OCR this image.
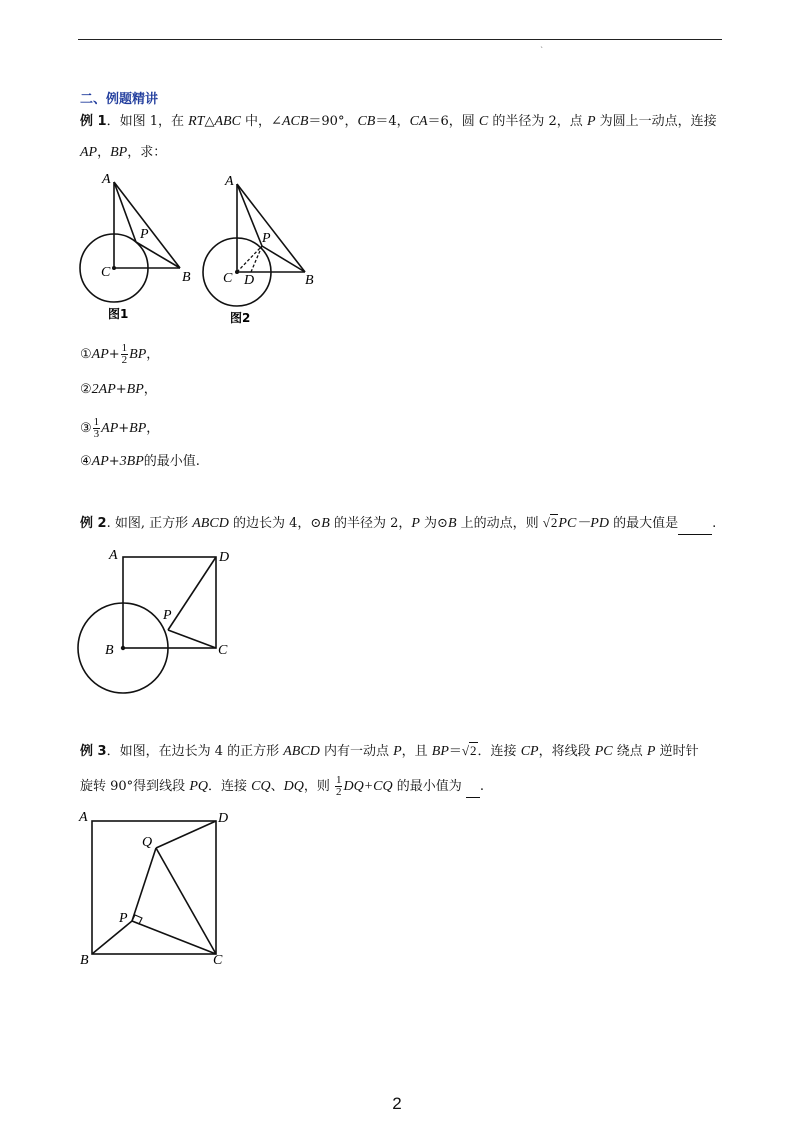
`
二、例题精讲
例 1．如图 1，在 RT△ABC 中，∠ACB＝90°，CB＝4，CA＝6，圆 C 的半径为 2，点 P 为圆上一动点，连接
AP，BP，求：
A
P
C	B
图1
A
P
C D	B
图2
①AP+ $\frac{1}{2}$ BP，
②2AP+BP，
③ $\frac{1}{3} AP+BP$，
④AP+3BP的最小值.
例 2. 如图, 正方形 ABCD 的边长为 4，⊙B 的半径为 2，P 为⊙B 上的动点，则 √2PC－PD 的最大值是	.
A	D
P
B	C
例 3．如图，在边长为 4 的正方形 ABCD 内有一动点 P，且 BP＝√2．连接 CP，将线段 PC 绕点 P 逆时针
旋转 90°得到线段 PQ．连接 CQ、DQ，则 $\frac{1}{2} DQ+CQ$ 的最小值为  .
A	D
Q
P
B	C
2
